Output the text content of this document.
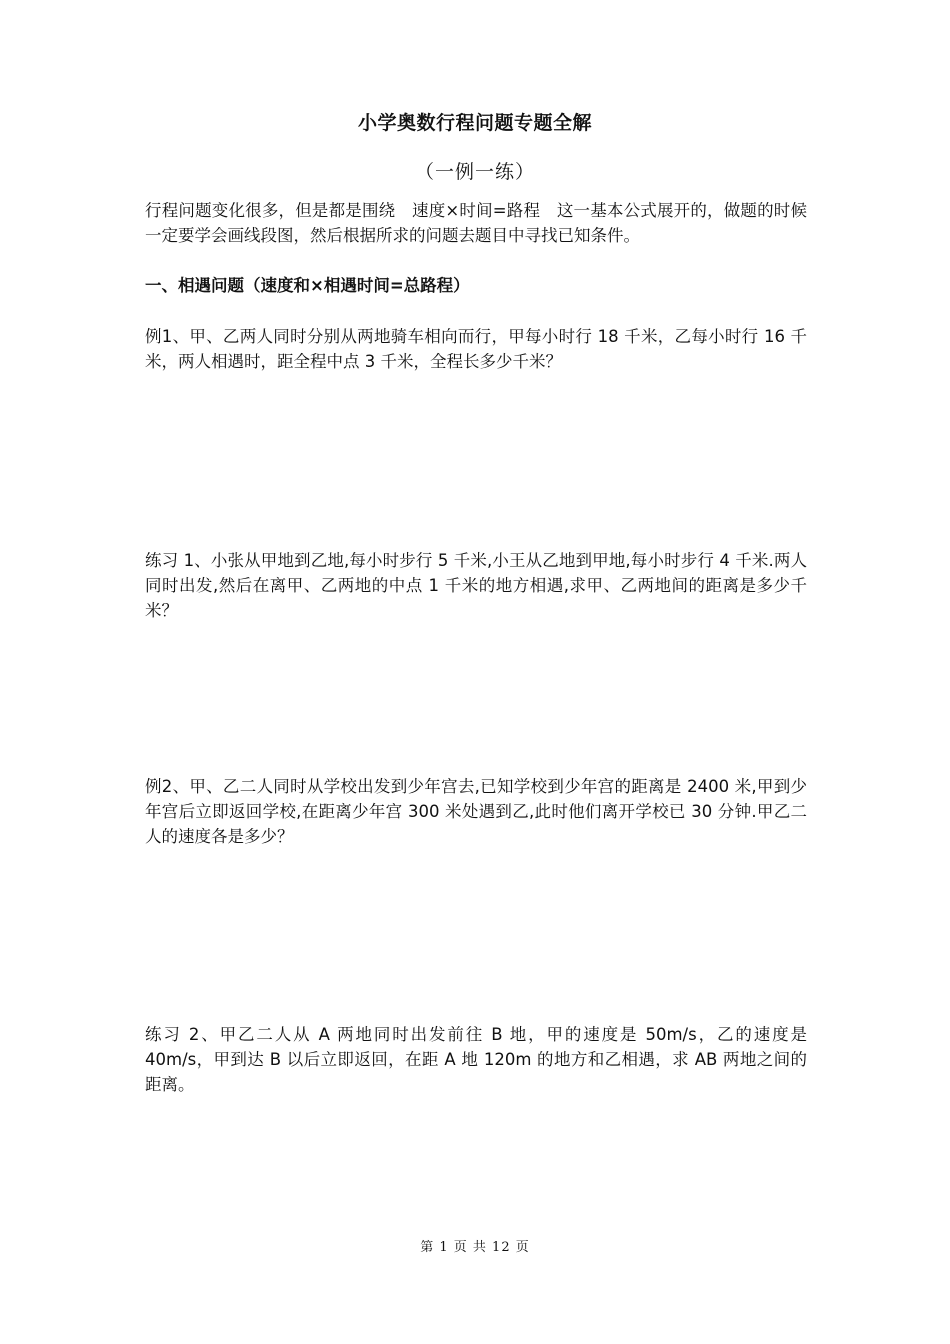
小学奥数行程问题专题全解
（一例一练）
行程问题变化很多，但是都是围绕　速度×时间=路程　这一基本公式展开的，做题的时候一定要学会画线段图，然后根据所求的问题去题目中寻找已知条件。
一、相遇问题（速度和×相遇时间=总路程）
例1、甲、乙两人同时分别从两地骑车相向而行，甲每小时行 18 千米，乙每小时行 16 千米，两人相遇时，距全程中点 3 千米，全程长多少千米？
练习 1、小张从甲地到乙地,每小时步行 5 千米,小王从乙地到甲地,每小时步行 4 千米.两人同时出发,然后在离甲、乙两地的中点 1 千米的地方相遇,求甲、乙两地间的距离是多少千米？
例2、甲、乙二人同时从学校出发到少年宫去,已知学校到少年宫的距离是 2400 米,甲到少年宫后立即返回学校,在距离少年宫 300 米处遇到乙,此时他们离开学校已 30 分钟.甲乙二人的速度各是多少？
练习 2、甲乙二人从 A 两地同时出发前往 B 地，甲的速度是 50m/s，乙的速度是 40m/s，甲到达 B 以后立即返回，在距 A 地 120m 的地方和乙相遇，求 AB 两地之间的距离。
第 1 页 共 12 页
